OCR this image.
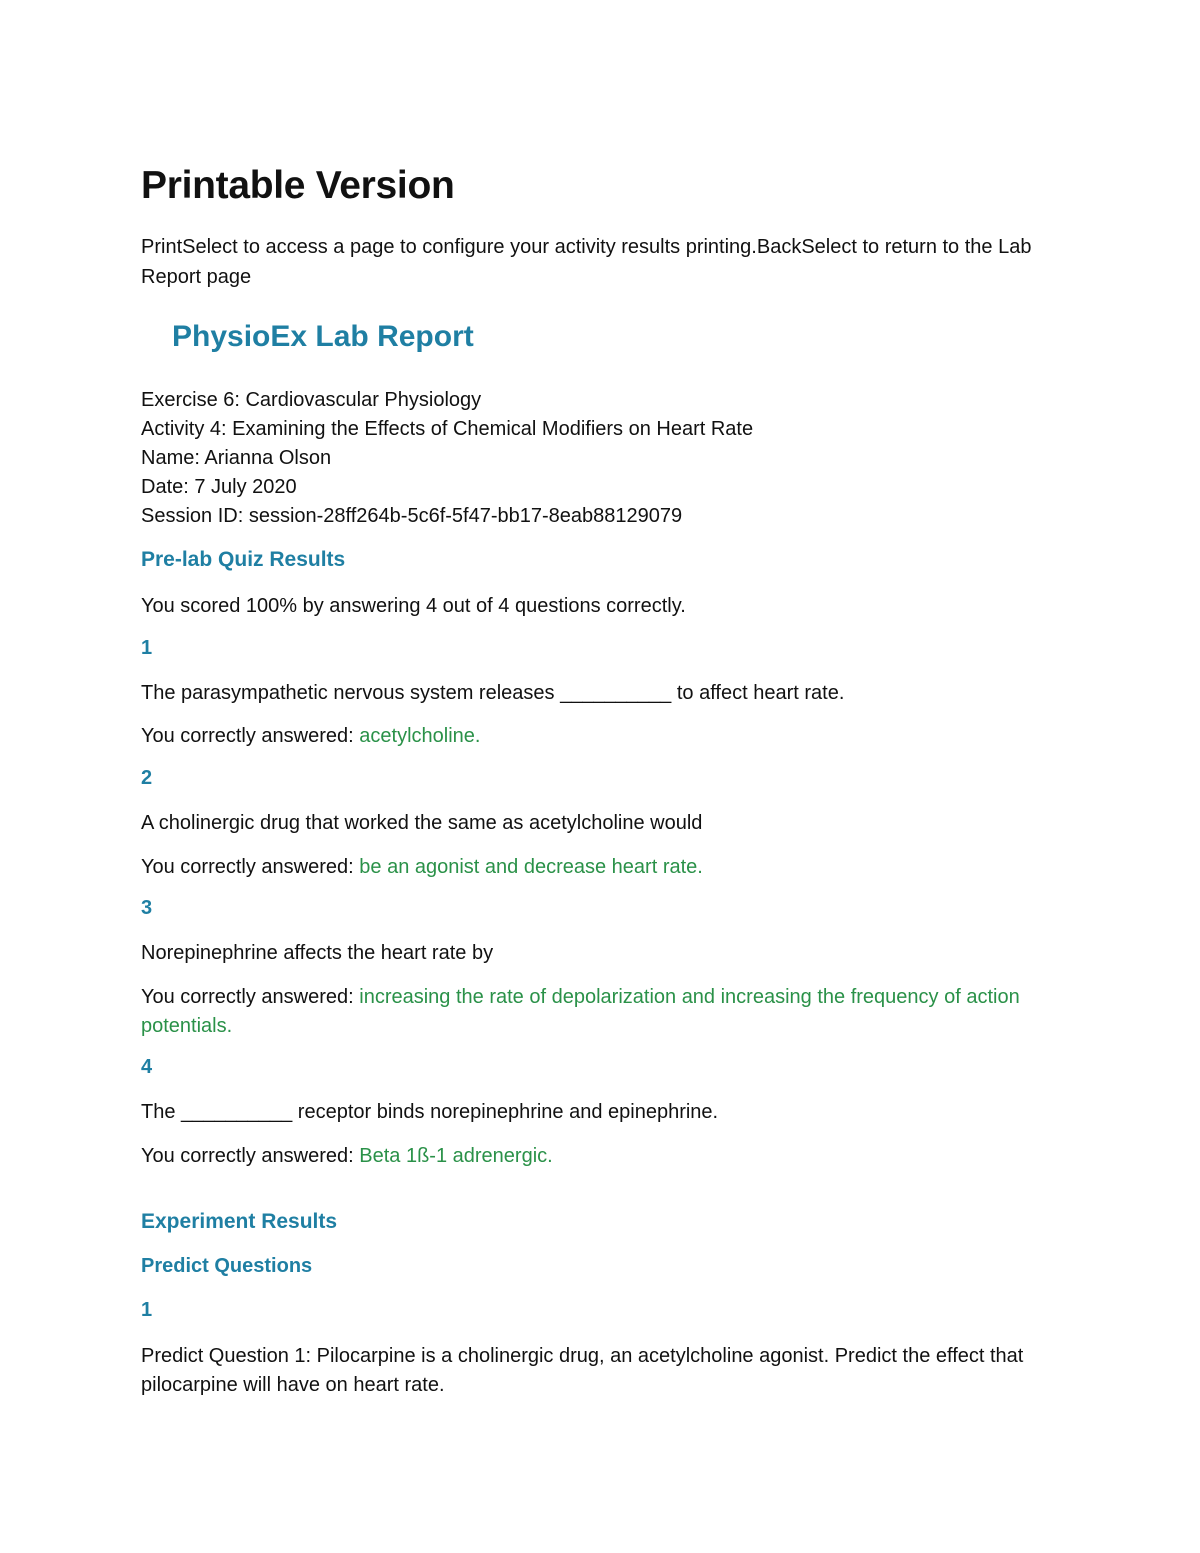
Printable Version
PrintSelect to access a page to configure your activity results printing.BackSelect to return to the Lab Report page
PhysioEx Lab Report
Exercise 6: Cardiovascular Physiology
Activity 4: Examining the Effects of Chemical Modifiers on Heart Rate
Name: Arianna Olson
Date: 7 July 2020
Session ID: session-28ff264b-5c6f-5f47-bb17-8eab88129079
Pre-lab Quiz Results
You scored 100% by answering 4 out of 4 questions correctly.
1
The parasympathetic nervous system releases __________ to affect heart rate.
You correctly answered: acetylcholine.
2
A cholinergic drug that worked the same as acetylcholine would
You correctly answered: be an agonist and decrease heart rate.
3
Norepinephrine affects the heart rate by
You correctly answered: increasing the rate of depolarization and increasing the frequency of action potentials.
4
The __________ receptor binds norepinephrine and epinephrine.
You correctly answered: Beta 1ß-1 adrenergic.
Experiment Results
Predict Questions
1
Predict Question 1: Pilocarpine is a cholinergic drug, an acetylcholine agonist. Predict the effect that pilocarpine will have on heart rate.
